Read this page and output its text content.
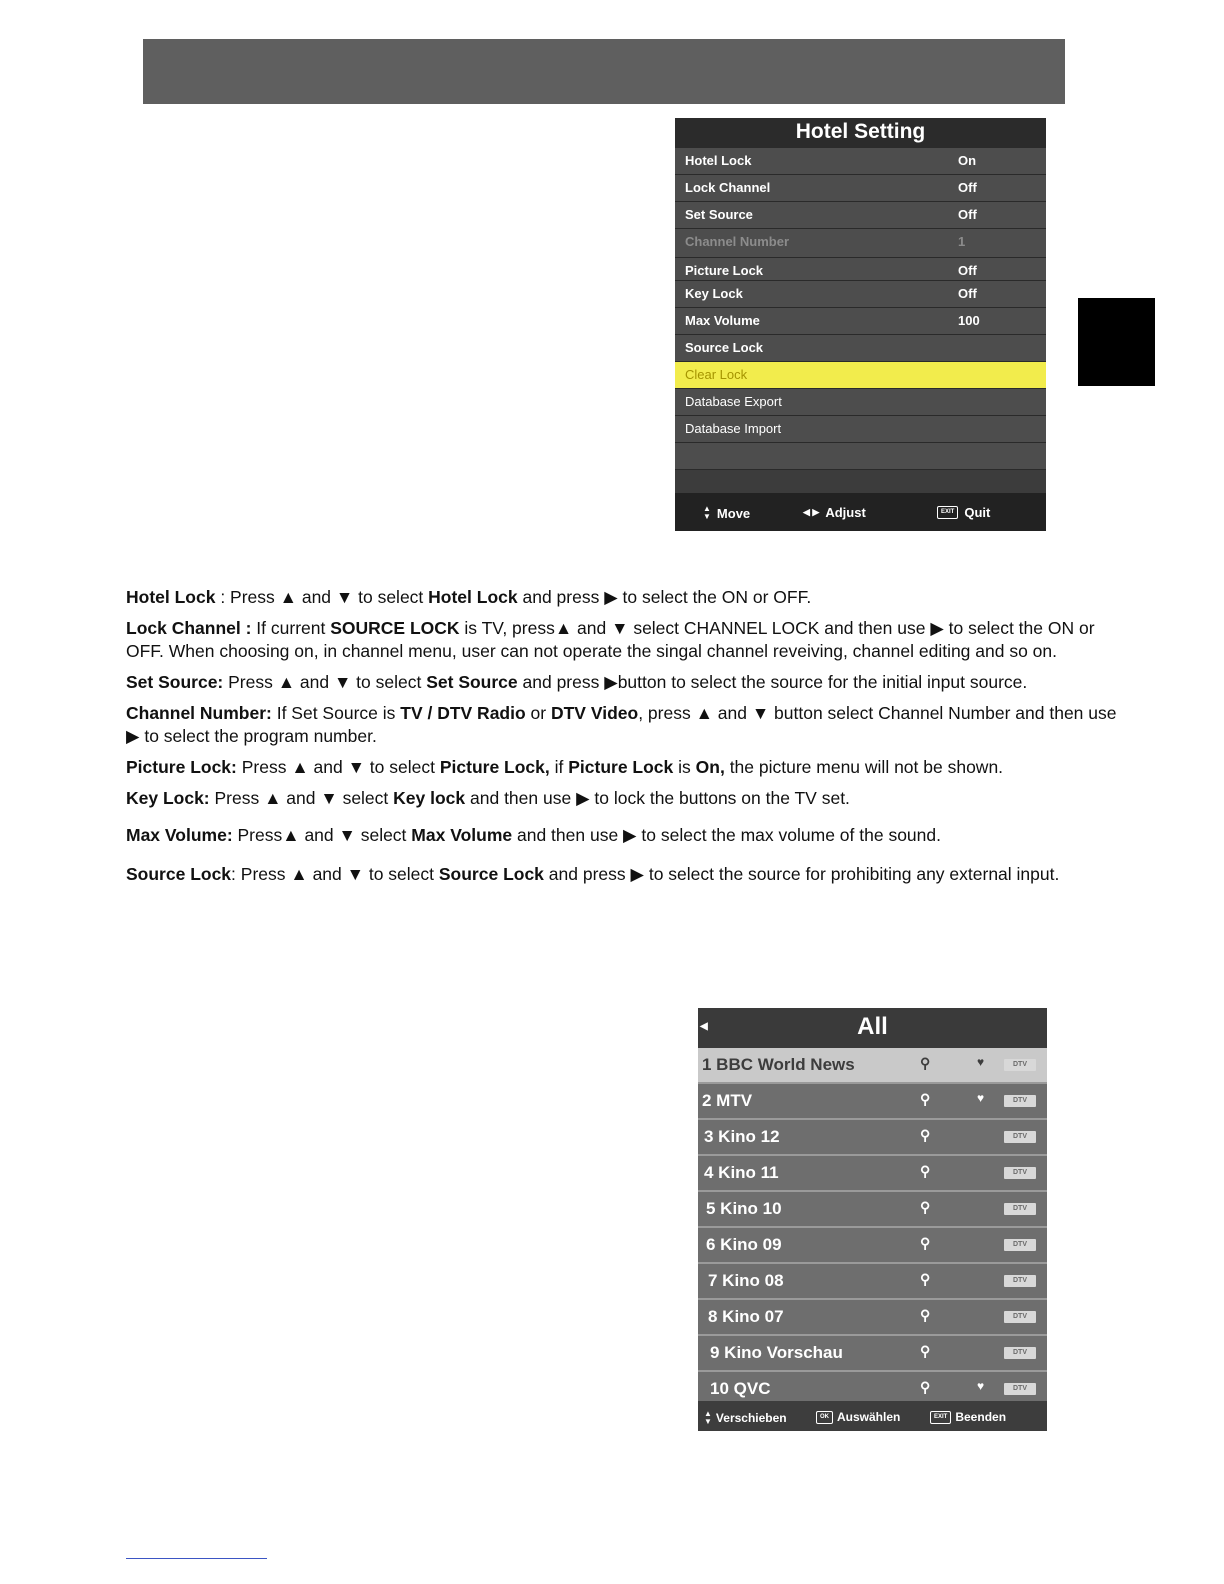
Hotel Setting
Hotel Lock	On
Lock Channel	Off
Set Source	Off
Channel Number	1
Picture Lock	Off
Key Lock	Off
Max Volume	100
Source Lock
Clear Lock
Database Export
Database Import
▲
▼ Move	◀ ▶ Adjust	EXIT Quit

Hotel Lock : Press ▲ and ▼ to select Hotel Lock and press ▶ to select the ON or OFF.

Lock Channel : If current SOURCE LOCK is TV, press▲ and ▼ select CHANNEL LOCK and then use ▶ to select the ON or OFF. When choosing on, in channel menu, user can not operate the singal channel reveiving, channel editing and so on.

Set Source: Press ▲ and ▼ to select Set Source and press ▶button to select the source for the initial input source.

Channel Number: If Set Source is TV / DTV Radio or DTV Video, press ▲ and ▼ button select Channel Number and then use ▶ to select the program number.

Picture Lock: Press ▲ and ▼ to select Picture Lock, if Picture Lock is On, the picture menu will not be shown.

Key Lock: Press ▲ and ▼ select Key lock and then use ▶ to lock the buttons on the TV set.

Max Volume: Press▲ and ▼ select Max Volume and then use ▶ to select the max volume of the sound.

Source Lock: Press ▲ and ▼ to select Source Lock and press ▶ to select the source for prohibiting any external input.

◀	All
1 BBC World News	⚲	♥	DTV
2 MTV	⚲	♥	DTV
3 Kino 12	⚲	DTV
4 Kino 11	⚲	DTV
5 Kino 10	⚲	DTV
6 Kino 09	⚲	DTV
7 Kino 08	⚲	DTV
8 Kino 07	⚲	DTV
9 Kino Vorschau	⚲	DTV
10 QVC	⚲	♥	DTV
▲
▼ Verschieben	OK Auswählen	EXIT Beenden
